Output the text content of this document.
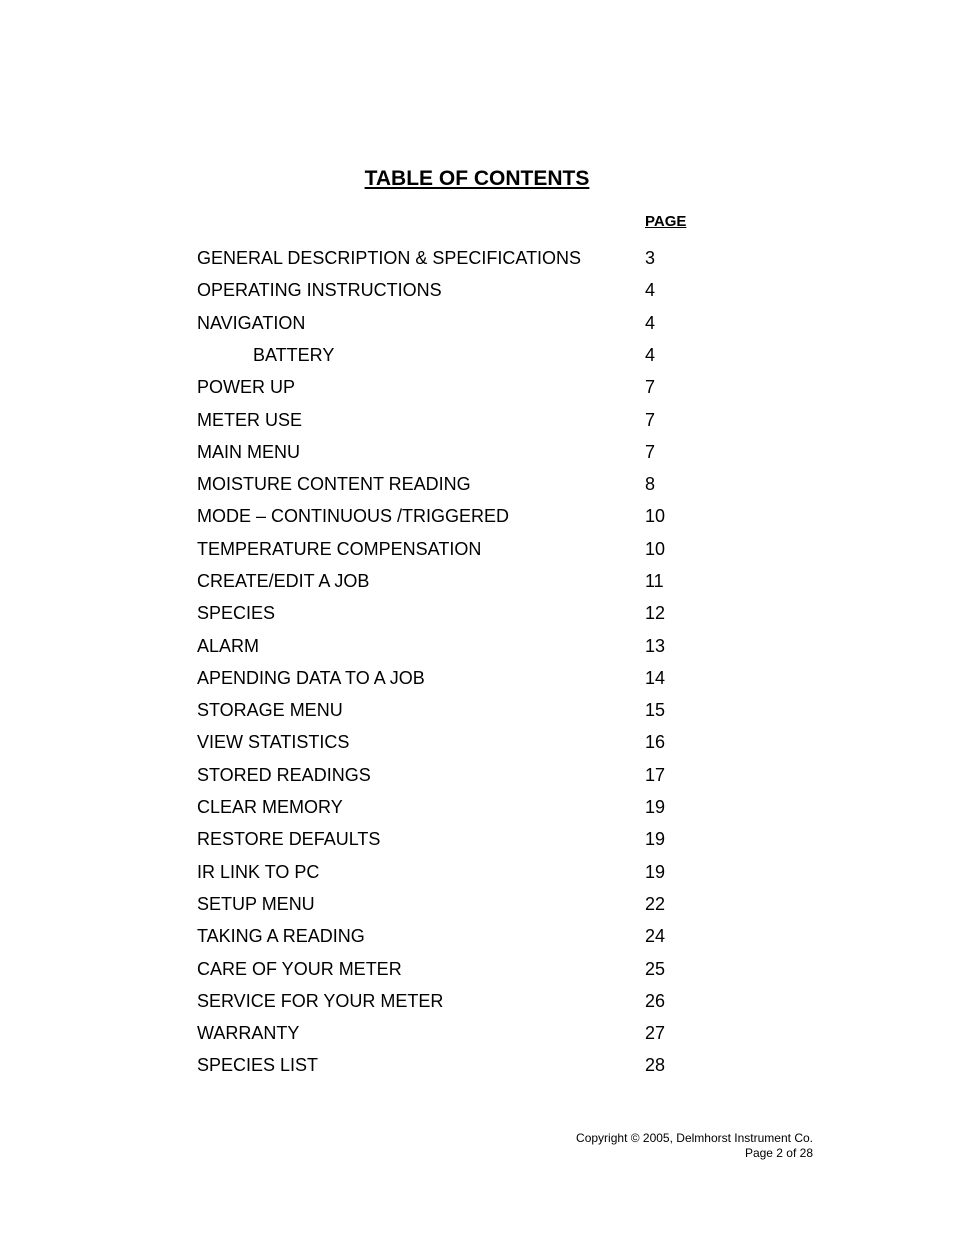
TABLE OF CONTENTS
PAGE
GENERAL DESCRIPTION & SPECIFICATIONS	3
OPERATING INSTRUCTIONS	4
NAVIGATION	4
BATTERY	4
POWER UP	7
METER USE	7
MAIN MENU	7
MOISTURE CONTENT READING	8
MODE – CONTINUOUS /TRIGGERED	10
TEMPERATURE COMPENSATION	10
CREATE/EDIT A JOB	11
SPECIES	12
ALARM	13
APENDING DATA TO A JOB	14
STORAGE MENU	15
VIEW STATISTICS	16
STORED READINGS	17
CLEAR MEMORY	19
RESTORE DEFAULTS	19
IR LINK TO PC	19
SETUP MENU	22
TAKING A READING	24
CARE OF YOUR METER	25
SERVICE FOR YOUR METER	26
WARRANTY	27
SPECIES LIST	28
Copyright © 2005, Delmhorst Instrument Co.
Page 2 of 28
